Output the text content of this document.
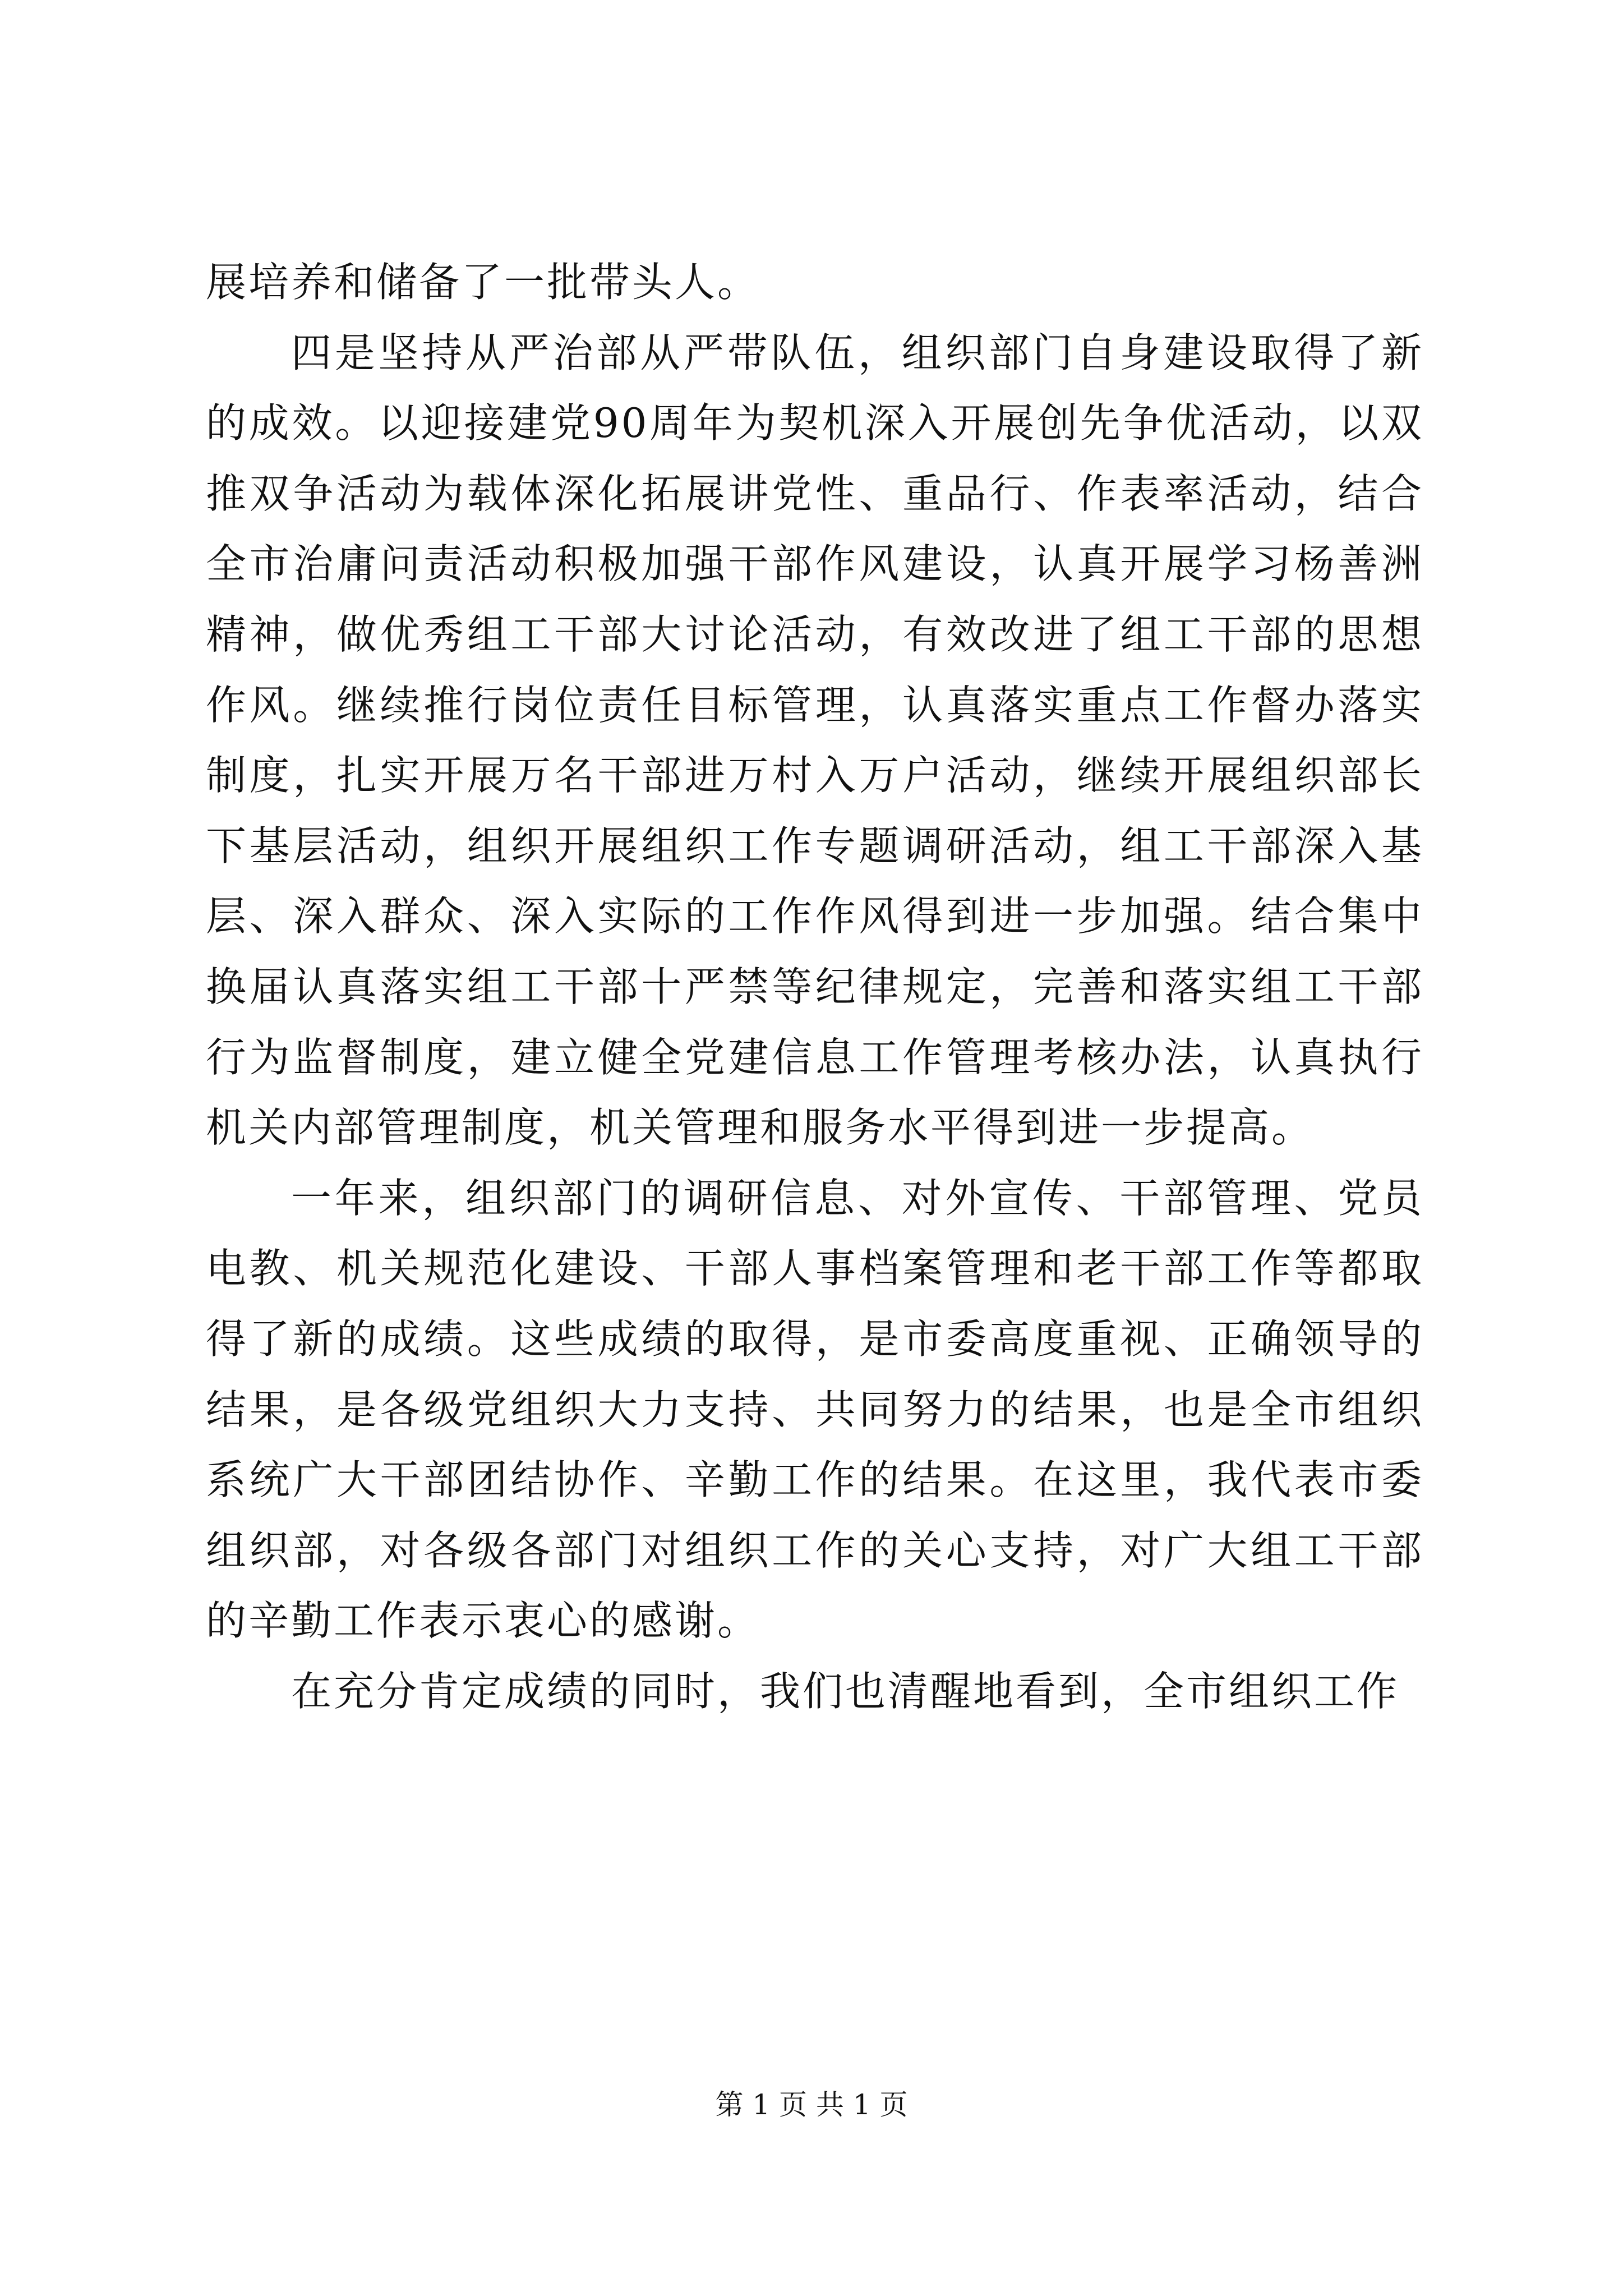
展培养和储备了一批带头人。

四是坚持从严治部从严带队伍，组织部门自身建设取得了新的成效。以迎接建党90周年为契机深入开展创先争优活动，以双推双争活动为载体深化拓展讲党性、重品行、作表率活动，结合全市治庸问责活动积极加强干部作风建设，认真开展学习杨善洲精神，做优秀组工干部大讨论活动，有效改进了组工干部的思想作风。继续推行岗位责任目标管理，认真落实重点工作督办落实制度，扎实开展万名干部进万村入万户活动，继续开展组织部长下基层活动，组织开展组织工作专题调研活动，组工干部深入基层、深入群众、深入实际的工作作风得到进一步加强。结合集中换届认真落实组工干部十严禁等纪律规定，完善和落实组工干部行为监督制度，建立健全党建信息工作管理考核办法，认真执行机关内部管理制度，机关管理和服务水平得到进一步提高。

一年来，组织部门的调研信息、对外宣传、干部管理、党员电教、机关规范化建设、干部人事档案管理和老干部工作等都取得了新的成绩。这些成绩的取得，是市委高度重视、正确领导的结果，是各级党组织大力支持、共同努力的结果，也是全市组织系统广大干部团结协作、辛勤工作的结果。在这里，我代表市委组织部，对各级各部门对组织工作的关心支持，对广大组工干部的辛勤工作表示衷心的感谢。

在充分肯定成绩的同时，我们也清醒地看到，全市组织工作

第 1 页 共 1 页
